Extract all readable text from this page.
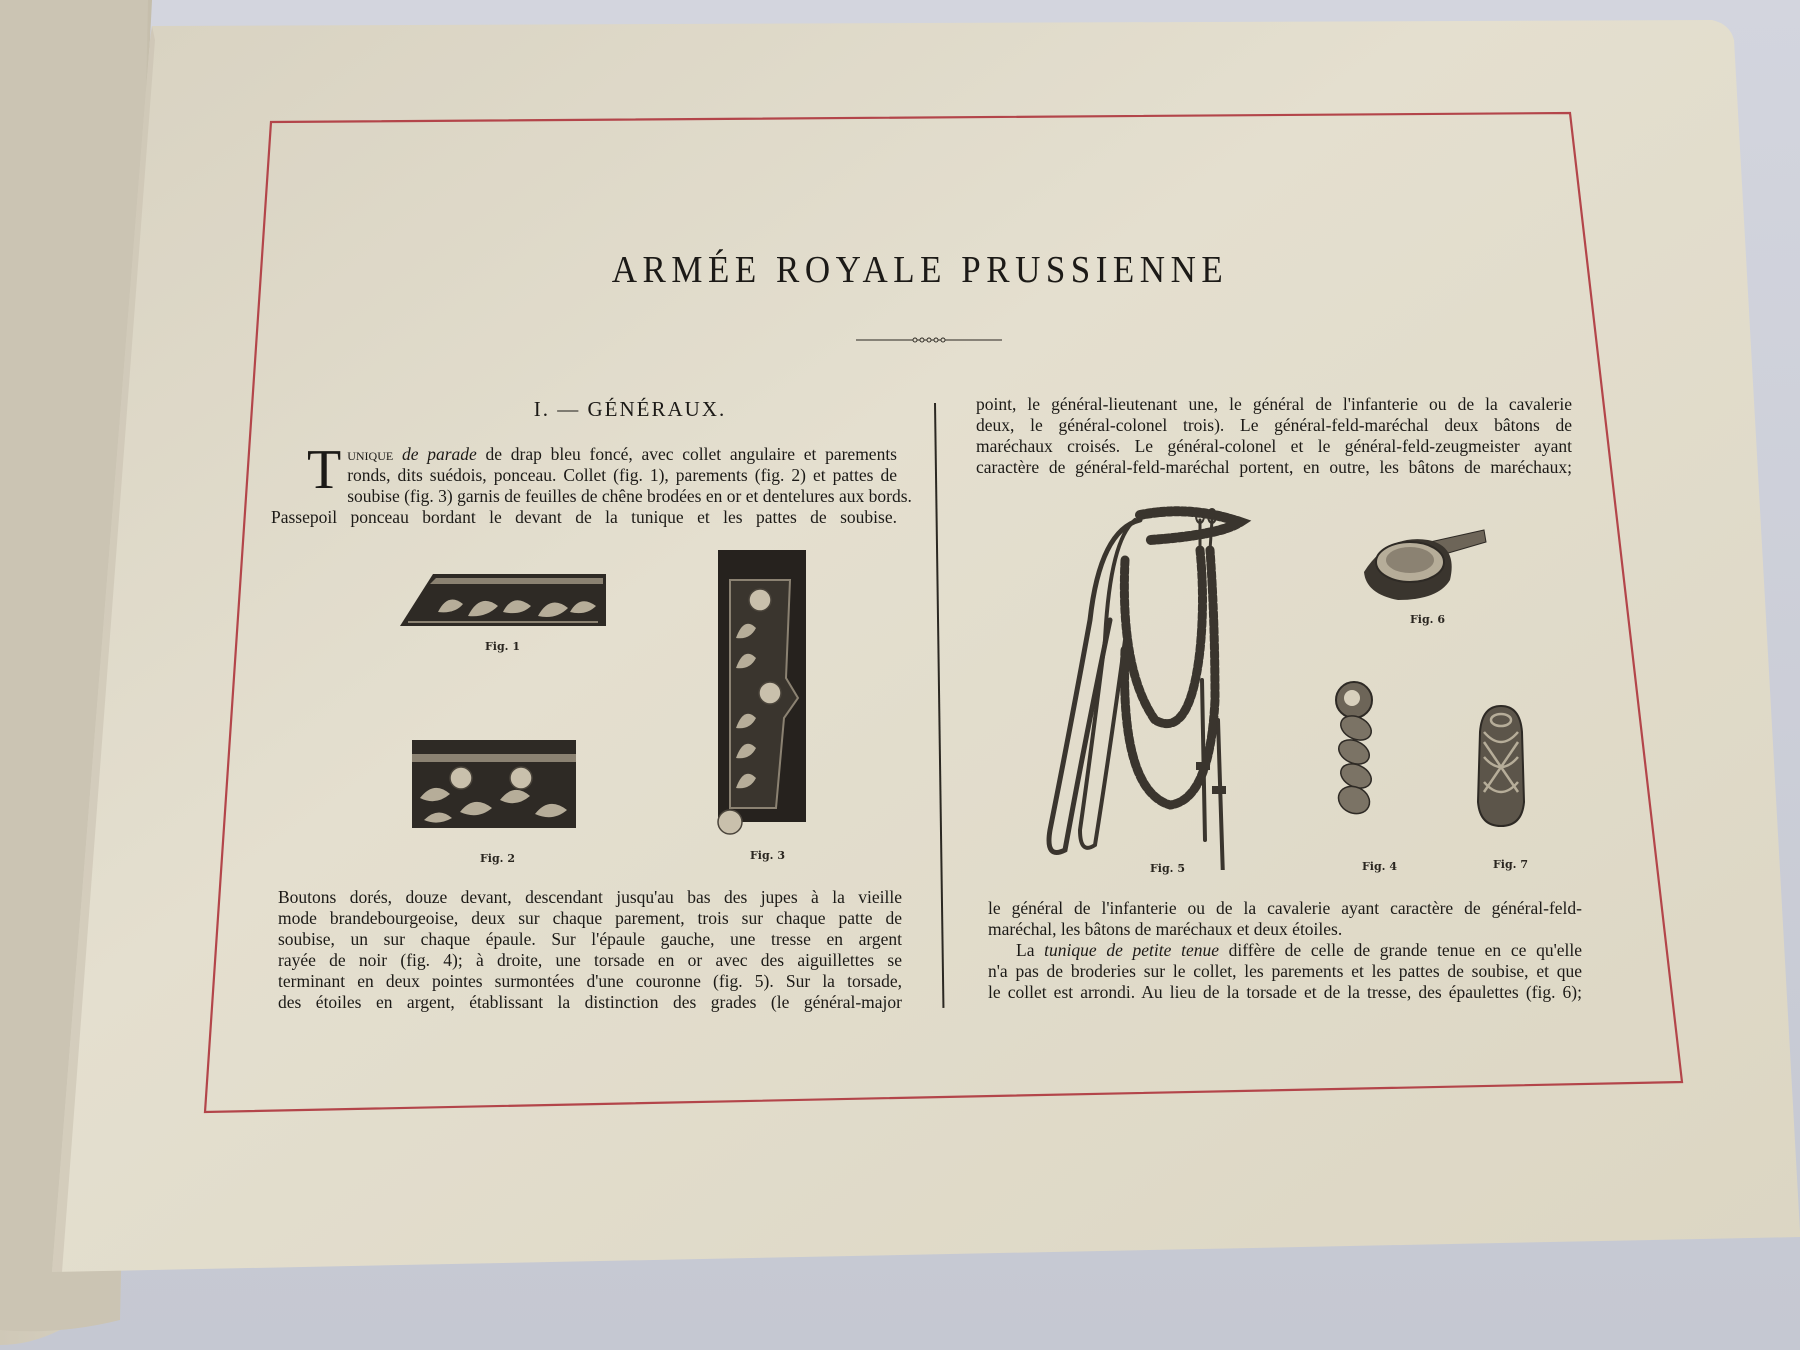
ARMÉE ROYALE PRUSSIENNE
I. — GÉNÉRAUX.
T unique de parade de drap bleu foncé, avec collet angulaire et parements
ronds, dits suédois, ponceau. Collet (fig. 1), parements (fig. 2) et pattes de
soubise (fig. 3) garnis de feuilles de chêne brodées en or et dentelures aux bords.
Passepoil ponceau bordant le devant de la tunique et les pattes de soubise.
Fig. 1
Fig. 2	Fig. 3
Boutons dorés, douze devant, descendant jusqu'au bas des jupes à la vieille
mode brandebourgeoise, deux sur chaque parement, trois sur chaque patte de
soubise, un sur chaque épaule. Sur l'épaule gauche, une tresse en argent
rayée de noir (fig. 4); à droite, une torsade en or avec des aiguillettes se
terminant en deux pointes surmontées d'une couronne (fig. 5). Sur la torsade,
des étoiles en argent, établissant la distinction des grades (le général-major
point, le général-lieutenant une, le général de l'infanterie ou de la cavalerie
deux, le général-colonel trois). Le général-feld-maréchal deux bâtons de
maréchaux croisés. Le général-colonel et le général-feld-zeugmeister ayant
caractère de général-feld-maréchal portent, en outre, les bâtons de maréchaux;
Fig. 5
Fig. 6
Fig. 4	Fig. 7
le général de l'infanterie ou de la cavalerie ayant caractère de général-feld-
maréchal, les bâtons de maréchaux et deux étoiles.
La tunique de petite tenue diffère de celle de grande tenue en ce qu'elle
n'a pas de broderies sur le collet, les parements et les pattes de soubise, et que
le collet est arrondi. Au lieu de la torsade et de la tresse, des épaulettes (fig. 6);
